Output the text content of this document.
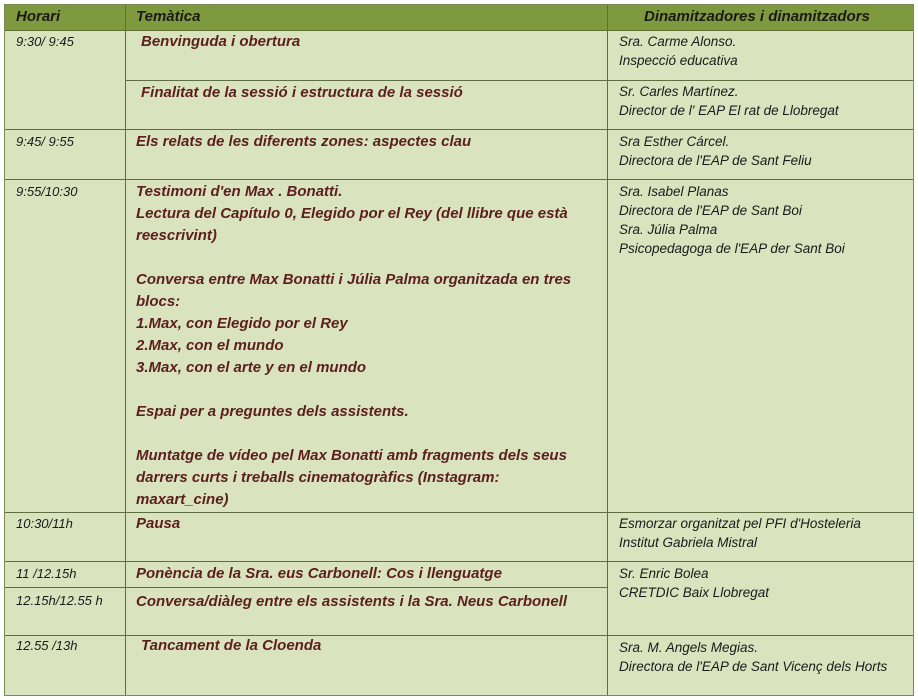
Horari	Temàtica	Dinamitzadores i dinamitzadors
9:30/ 9:45	Benvinguda i obertura	Sra. Carme Alonso.
Inspecció educativa
Finalitat de la sessió i estructura de la sessió	Sr. Carles Martínez.
Director de l' EAP El rat de Llobregat
9:45/ 9:55	Els relats de les diferents zones: aspectes clau	Sra Esther Cárcel.
Directora de l'EAP de Sant Feliu
9:55/10:30	Testimoni d'en Max . Bonatti.
Lectura del Capítulo 0, Elegido por el Rey (del llibre que està
reescrivint)
Conversa entre Max Bonatti i Júlia Palma organitzada en tres
blocs:
1.Max, con Elegido por el Rey
2.Max, con el mundo
3.Max, con el arte y en el mundo
Espai per a preguntes dels assistents.
Muntatge de vídeo pel Max Bonatti amb fragments dels seus
darrers curts i treballs cinematogràfics (Instagram:
maxart_cine)
Sra. Isabel Planas
Directora de l'EAP de Sant Boi
Sra. Júlia Palma
Psicopedagoga de l'EAP der Sant Boi
10:30/11h	Pausa	Esmorzar organitzat pel PFI d'Hosteleria
Institut Gabriela Mistral
11 /12.15h	Ponència de la Sra. eus Carbonell: Cos i llenguatge	Sr. Enric Bolea
CRETDIC Baix Llobregat
12.15h/12.55 h Conversa/diàleg entre els assistents i la Sra. Neus Carbonell
12.55 /13h	Tancament de la Cloenda	Sra. M. Angels Megias.
Directora de l'EAP de Sant Vicenç dels Horts
